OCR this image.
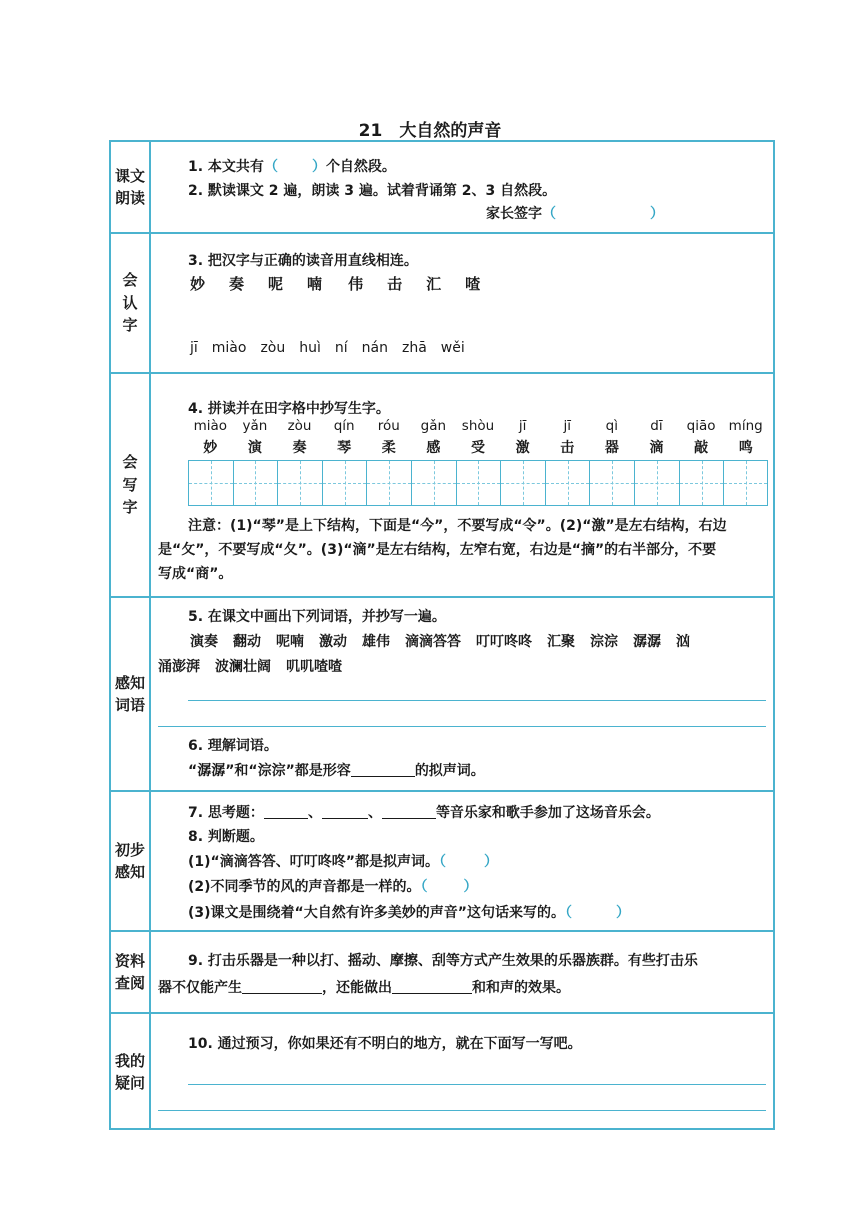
21　大自然的声音
课文
朗读
1. 本文共有（ ）个自然段。
2. 默读课文 2 遍，朗读 3 遍。试着背诵第 2、3 自然段。
家长签字（	）
会
认
字
3. 把汉字与正确的读音用直线相连。
妙 奏 呢 喃 伟 击 汇 喳
jī miào zòu huì ní nán zhā wěi
会
写
字
4. 拼读并在田字格中抄写生字。
miào yǎn zòu qín róu gǎn shòu jī	jī	qì dī qiāo míng
妙 演 奏 琴 柔 感 受 激 击 器 滴 敲 鸣
注意：(1)“琴”是上下结构，下面是“今”，不要写成“令”。(2)“激”是左右结构，右边
是“攵”，不要写成“夂”。(3)“滴”是左右结构，左窄右宽，右边是“摘”的右半部分，不要
写成“商”。
感知
词语
5. 在课文中画出下列词语，并抄写一遍。
演奏 翻动 呢喃 激动 雄伟 滴滴答答 叮叮咚咚 汇聚 淙淙 潺潺 汹
涌澎湃 波澜壮阔 叽叽喳喳
6. 理解词语。
“潺潺”和“淙淙”都是形容	的拟声词。
初步
感知
7. 思考题：	、	、	等音乐家和歌手参加了这场音乐会。
8. 判断题。
(1)“滴滴答答、叮叮咚咚”都是拟声词。（	）
(2)不同季节的风的声音都是一样的。（	）
(3)课文是围绕着“大自然有许多美妙的声音”这句话来写的。（	）
资料
查阅
9. 打击乐器是一种以打、摇动、摩擦、刮等方式产生效果的乐器族群。有些打击乐
器不仅能产生	，还能做出	和和声的效果。
我的
疑问
10. 通过预习，你如果还有不明白的地方，就在下面写一写吧。
